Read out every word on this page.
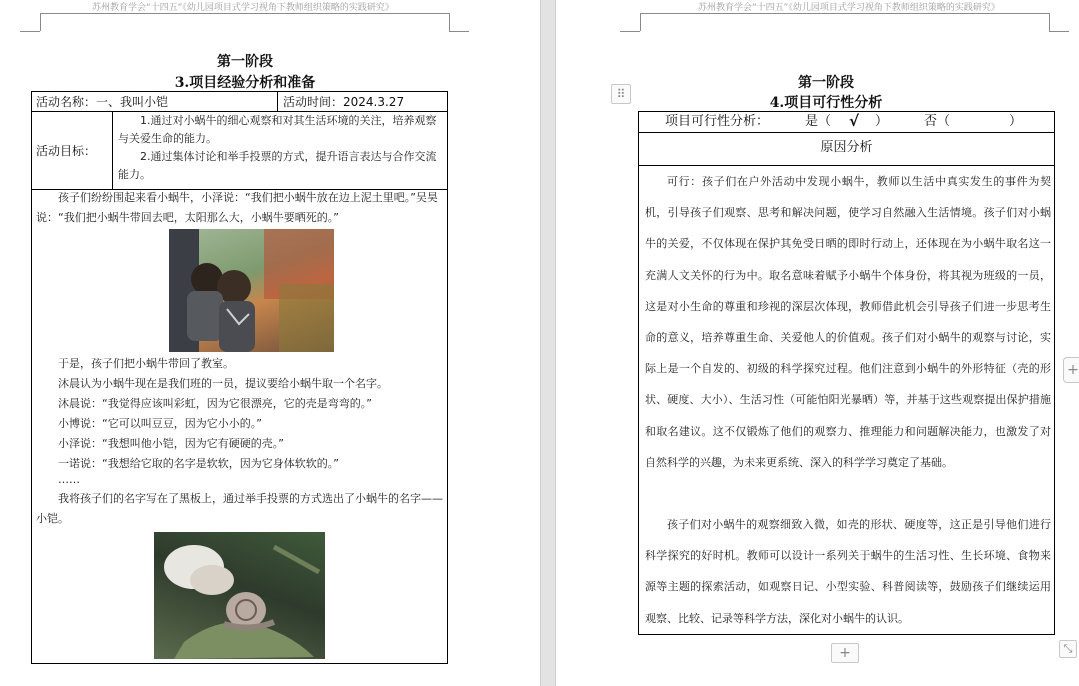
苏州教育学会“十四五”《幼儿园项目式学习视角下教师组织策略的实践研究》
第一阶段
3.项目经验分析和准备
活动名称：一、我叫小铠	活动时间：2024.3.27
活动目标：

1.通过对小蜗牛的细心观察和对其生活环境的关注，培养观察与关爱生命的能力。

2.通过集体讨论和举手投票的方式，提升语言表达与合作交流能力。

孩子们纷纷围起来看小蜗牛，小泽说：“我们把小蜗牛放在边上泥土里吧。”吴昊说：“我们把小蜗牛带回去吧，太阳那么大，小蜗牛要晒死的。”

于是，孩子们把小蜗牛带回了教室。

沐晨认为小蜗牛现在是我们班的一员，提议要给小蜗牛取一个名字。

沐晨说：“我觉得应该叫彩虹，因为它很漂亮，它的壳是弯弯的。”

小博说：“它可以叫豆豆，因为它小小的。”

小泽说：“我想叫他小铠，因为它有硬硬的壳。”

一诺说：“我想给它取的名字是软软，因为它身体软软的。”

……

我将孩子们的名字写在了黑板上，通过举手投票的方式选出了小蜗牛的名字——小铠。
苏州教育学会“十四五”《幼儿园项目式学习视角下教师组织策略的实践研究》
⠿
第一阶段
4.项目可行性分析
项目可行性分析：	是（ √ ）	否（	）
原因分析
可行：孩子们在户外活动中发现小蜗牛，教师以生活中真实发生的事件为契机，引导孩子们观察、思考和解决问题，使学习自然融入生活情境。孩子们对小蜗牛的关爱，不仅体现在保护其免受日晒的即时行动上，还体现在为小蜗牛取名这一充满人文关怀的行为中。取名意味着赋予小蜗牛个体身份，将其视为班级的一员，这是对小生命的尊重和珍视的深层次体现，教师借此机会引导孩子们进一步思考生命的意义，培养尊重生命、关爱他人的价值观。孩子们对小蜗牛的观察与讨论，实际上是一个自发的、初级的科学探究过程。他们注意到小蜗牛的外形特征（壳的形状、硬度、大小）、生活习性（可能怕阳光暴晒）等，并基于这些观察提出保护措施和取名建议。这不仅锻炼了他们的观察力、推理能力和问题解决能力，也激发了对自然科学的兴趣，为未来更系统、深入的科学学习奠定了基础。
孩子们对小蜗牛的观察细致入微，如壳的形状、硬度等，这正是引导他们进行科学探究的好时机。教师可以设计一系列关于蜗牛的生活习性、生长环境、食物来源等主题的探索活动，如观察日记、小型实验、科普阅读等，鼓励孩子们继续运用观察、比较、记录等科学方法，深化对小蜗牛的认识。
+
+
⤡
